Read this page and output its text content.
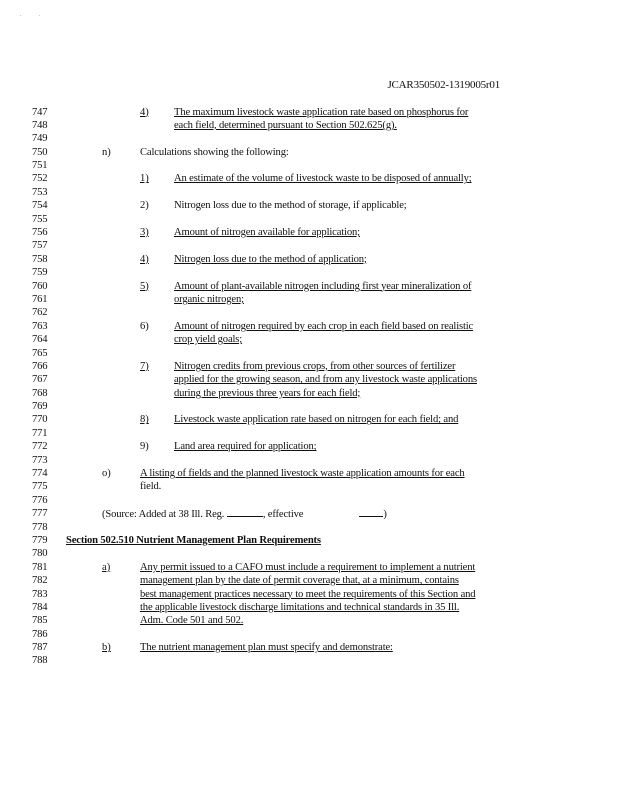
. .
JCAR350502-1319005r01
747	4) The maximum livestock waste application rate based on phosphorus for
748	each field, determined pursuant to Section 502.625(g).
749
750	n)	Calculations showing the following:
751
752	1) An estimate of the volume of livestock waste to be disposed of annually;
753
754	2) Nitrogen loss due to the method of storage, if applicable;
755
756	3) Amount of nitrogen available for application;
757
758	4) Nitrogen loss due to the method of application;
759
760	5) Amount of plant-available nitrogen including first year mineralization of
761	organic nitrogen;
762
763	6) Amount of nitrogen required by each crop in each field based on realistic
764	crop yield goals;
765
766	7) Nitrogen credits from previous crops, from other sources of fertilizer
767	applied for the growing season, and from any livestock waste applications
768	during the previous three years for each field;
769
770	8) Livestock waste application rate based on nitrogen for each field; and
771
772	9) Land area required for application;
773
774	o)	A listing of fields and the planned livestock waste application amounts for each
775	field.
776
777	(Source: Added at 38 Ill. Reg.	, effective	)
778
779	Section 502.510 Nutrient Management Plan Requirements
780
781	a)	Any permit issued to a CAFO must include a requirement to implement a nutrient
782	management plan by the date of permit coverage that, at a minimum, contains
783	best management practices necessary to meet the requirements of this Section and
784	the applicable livestock discharge limitations and technical standards in 35 Ill.
785	Adm. Code 501 and 502.
786
787	b)	The nutrient management plan must specify and demonstrate:
788
